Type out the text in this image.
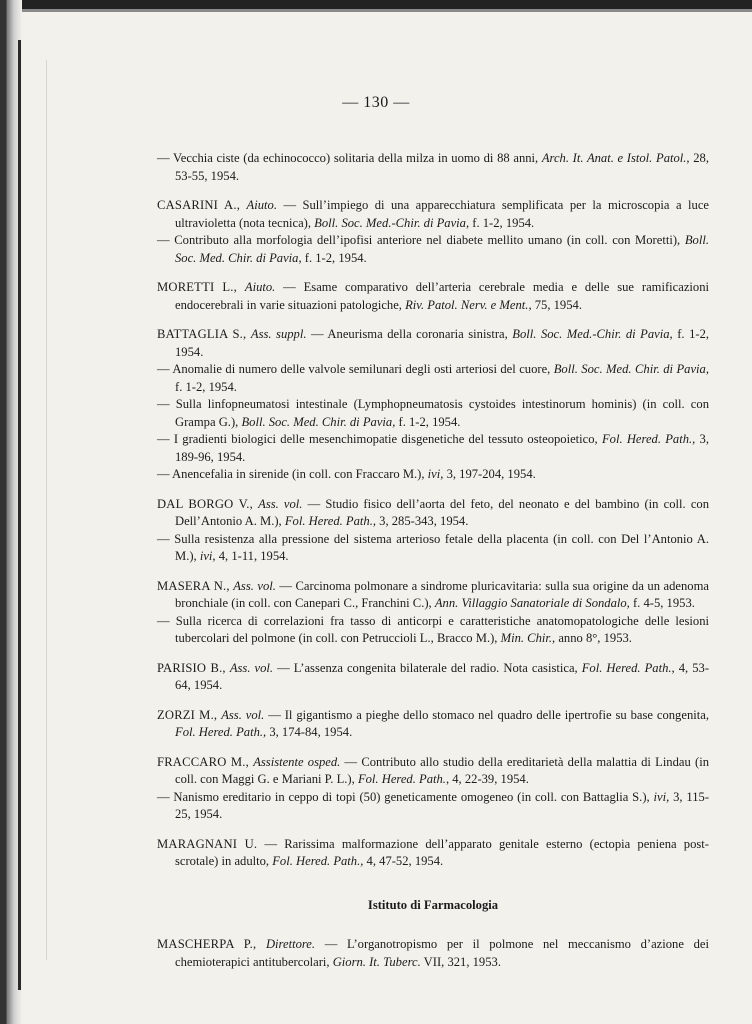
— 130 —
— Vecchia ciste (da echinococco) solitaria della milza in uomo di 88 anni, Arch. It. Anat. e Istol. Patol., 28, 53-55, 1954.
CASARINI A., Aiuto. — Sull’impiego di una apparecchiatura semplificata per la microscopia a luce ultravioletta (nota tecnica), Boll. Soc. Med.-Chir. di Pavia, f. 1-2, 1954.
— Contributo alla morfologia dell’ipofisi anteriore nel diabete mellito umano (in coll. con Moretti), Boll. Soc. Med. Chir. di Pavia, f. 1-2, 1954.
MORETTI L., Aiuto. — Esame comparativo dell’arteria cerebrale media e delle sue ramificazioni endocerebrali in varie situazioni patologiche, Riv. Patol. Nerv. e Ment., 75, 1954.
BATTAGLIA S., Ass. suppl. — Aneurisma della coronaria sinistra, Boll. Soc. Med.-Chir. di Pavia, f. 1-2, 1954.
— Anomalie di numero delle valvole semilunari degli osti arteriosi del cuore, Boll. Soc. Med. Chir. di Pavia, f. 1-2, 1954.
— Sulla linfopneumatosi intestinale (Lymphopneumatosis cystoides intestinorum hominis) (in coll. con Grampa G.), Boll. Soc. Med. Chir. di Pavia, f. 1-2, 1954.
— I gradienti biologici delle mesenchimopatie disgenetiche del tessuto osteopoietico, Fol. Hered. Path., 3, 189-96, 1954.
— Anencefalia in sirenide (in coll. con Fraccaro M.), ivi, 3, 197-204, 1954.
DAL BORGO V., Ass. vol. — Studio fisico dell’aorta del feto, del neonato e del bambino (in coll. con Dell’Antonio A. M.), Fol. Hered. Path., 3, 285-343, 1954.
— Sulla resistenza alla pressione del sistema arterioso fetale della placenta (in coll. con Del l’Antonio A. M.), ivi, 4, 1-11, 1954.
MASERA N., Ass. vol. — Carcinoma polmonare a sindrome pluricavitaria: sulla sua origine da un adenoma bronchiale (in coll. con Canepari C., Franchini C.), Ann. Villaggio Sanatoriale di Sondalo, f. 4-5, 1953.
— Sulla ricerca di correlazioni fra tasso di anticorpi e caratteristiche anatomopatologiche delle lesioni tubercolari del polmone (in coll. con Petruccioli L., Bracco M.), Min. Chir., anno 8°, 1953.
PARISIO B., Ass. vol. — L’assenza congenita bilaterale del radio. Nota casistica, Fol. Hered. Path., 4, 53-64, 1954.
ZORZI M., Ass. vol. — Il gigantismo a pieghe dello stomaco nel quadro delle ipertrofie su base congenita, Fol. Hered. Path., 3, 174-84, 1954.
FRACCARO M., Assistente osped. — Contributo allo studio della ereditarietà della malattia di Lindau (in coll. con Maggi G. e Mariani P. L.), Fol. Hered. Path., 4, 22-39, 1954.
— Nanismo ereditario in ceppo di topi (50) geneticamente omogeneo (in coll. con Battaglia S.), ivi, 3, 115-25, 1954.
MARAGNANI U. — Rarissima malformazione dell’apparato genitale esterno (ectopia peniena post-scrotale) in adulto, Fol. Hered. Path., 4, 47-52, 1954.
Istituto di Farmacologia
MASCHERPA P., Direttore. — L’organotropismo per il polmone nel meccanismo d’azione dei chemioterapici antitubercolari, Giorn. It. Tuberc. VII, 321, 1953.
